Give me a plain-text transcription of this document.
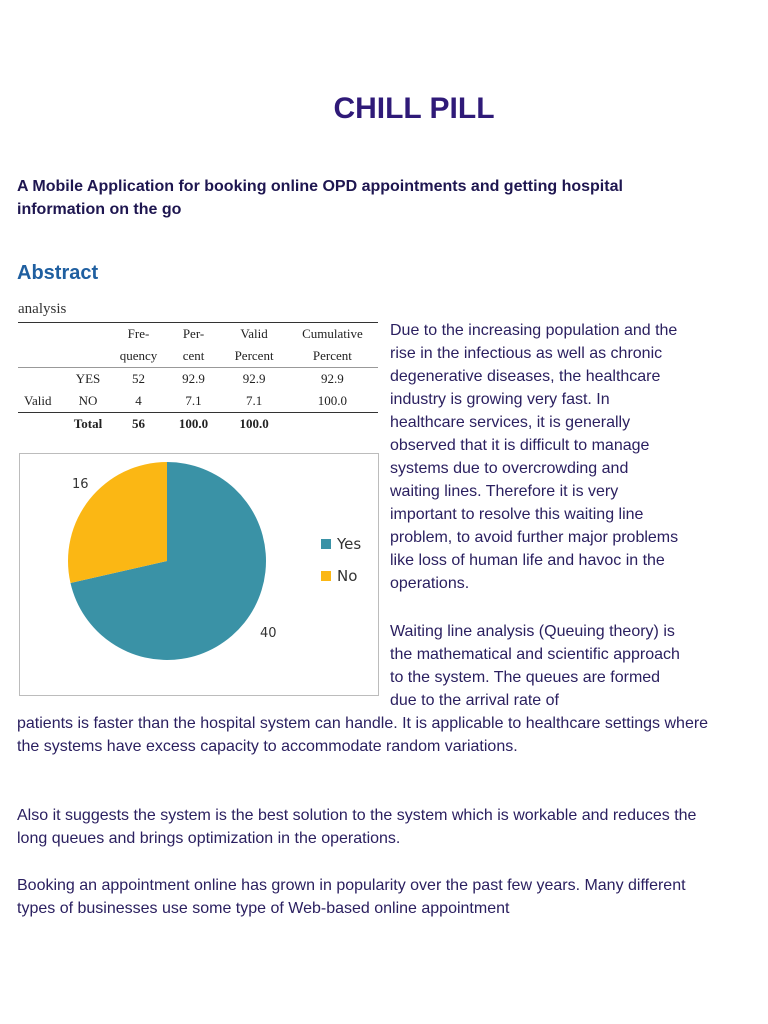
CHILL PILL

A Mobile Application for booking online OPD appointments and getting hospital information on the go

Abstract
analysis
		Fre-	Per-	Valid	Cumulative
		quency	cent	Percent	Percent
	YES	52	92.9	92.9	92.9
Valid	NO	4	7.1	7.1	100.0
	Total	56	100.0	100.0	
40
16
Yes
No

Due to the increasing population and the rise in the infectious as well as chronic degenerative diseases, the healthcare industry is growing very fast. In healthcare services, it is generally observed that it is difficult to manage systems due to overcrowding and waiting lines. Therefore it is very important to resolve this waiting line problem, to avoid further major problems like loss of human life and havoc in the operations.

Waiting line analysis (Queuing theory) is the mathematical and scientific approach to the system. The queues are formed due to the arrival rate of

patients is faster than the hospital system can handle. It is applicable to healthcare settings where the systems have excess capacity to accommodate random variations.

Also it suggests the system is the best solution to the system which is workable and reduces the long queues and brings optimization in the operations.

Booking an appointment online has grown in popularity over the past few years. Many different types of businesses use some type of Web-based online appointment
